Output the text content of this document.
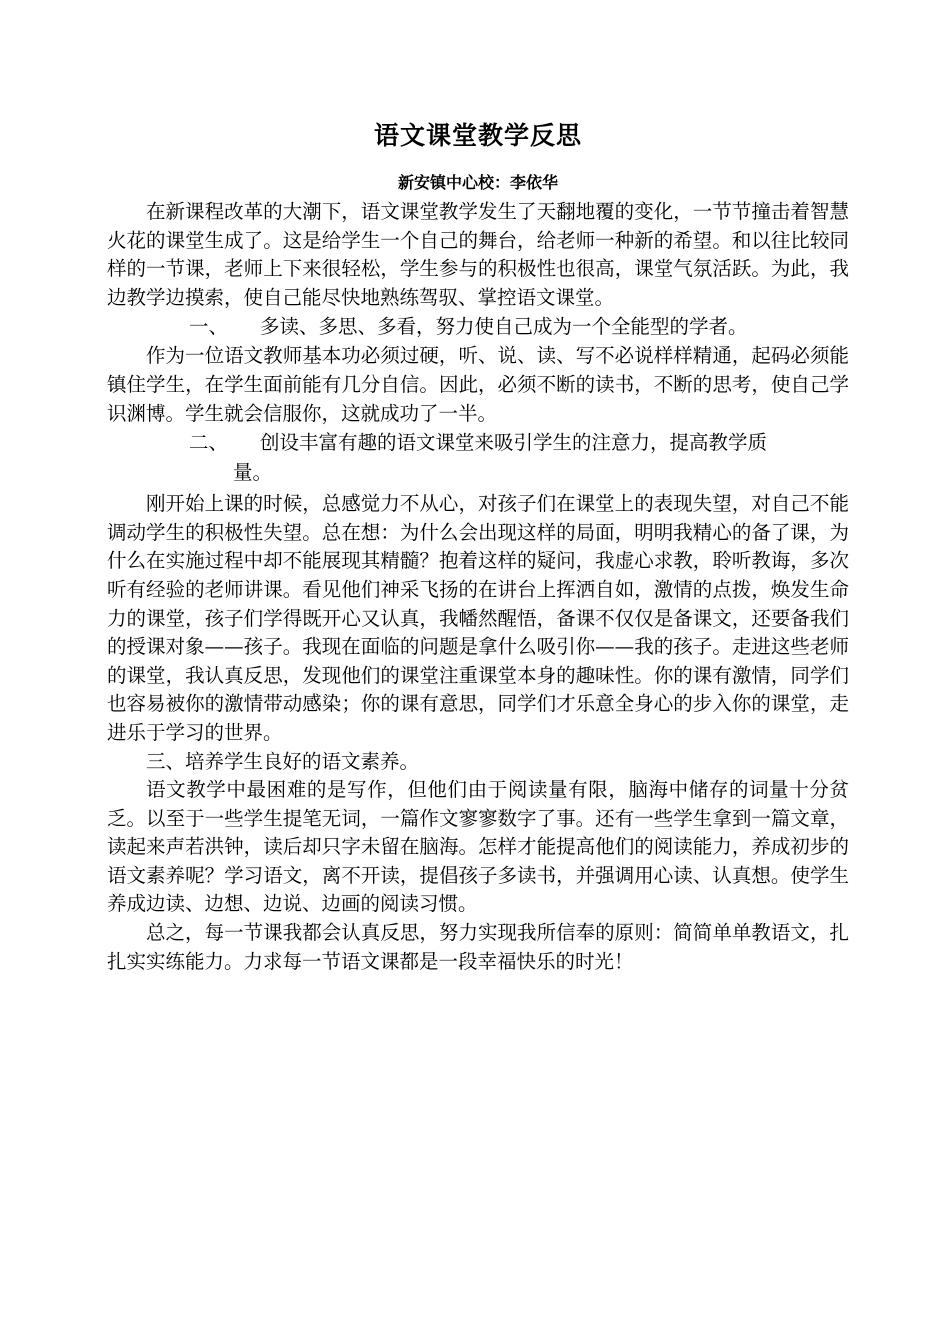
语文课堂教学反思
新安镇中心校：李依华

在新课程改革的大潮下，语文课堂教学发生了天翻地覆的变化，一节节撞击着智慧火花的课堂生成了。这是给学生一个自己的舞台，给老师一种新的希望。和以往比较同样的一节课，老师上下来很轻松，学生参与的积极性也很高，课堂气氛活跃。为此，我边教学边摸索，使自己能尽快地熟练驾驭、掌控语文课堂。

一、 多读、多思、多看，努力使自己成为一个全能型的学者。

作为一位语文教师基本功必须过硬，听、说、读、写不必说样样精通，起码必须能镇住学生，在学生面前能有几分自信。因此，必须不断的读书，不断的思考，使自己学识渊博。学生就会信服你，这就成功了一半。

二、 创设丰富有趣的语文课堂来吸引学生的注意力，提高教学质
量。

刚开始上课的时候，总感觉力不从心，对孩子们在课堂上的表现失望，对自己不能调动学生的积极性失望。总在想：为什么会出现这样的局面，明明我精心的备了课，为什么在实施过程中却不能展现其精髓？抱着这样的疑问，我虚心求教，聆听教诲，多次听有经验的老师讲课。看见他们神采飞扬的在讲台上挥洒自如，激情的点拨，焕发生命力的课堂，孩子们学得既开心又认真，我幡然醒悟，备课不仅仅是备课文，还要备我们的授课对象——孩子。我现在面临的问题是拿什么吸引你——我的孩子。走进这些老师的课堂，我认真反思，发现他们的课堂注重课堂本身的趣味性。你的课有激情，同学们也容易被你的激情带动感染；你的课有意思，同学们才乐意全身心的步入你的课堂，走进乐于学习的世界。

三、培养学生良好的语文素养。

语文教学中最困难的是写作，但他们由于阅读量有限，脑海中储存的词量十分贫乏。以至于一些学生提笔无词，一篇作文寥寥数字了事。还有一些学生拿到一篇文章，读起来声若洪钟，读后却只字未留在脑海。怎样才能提高他们的阅读能力，养成初步的语文素养呢？学习语文，离不开读，提倡孩子多读书，并强调用心读、认真想。使学生养成边读、边想、边说、边画的阅读习惯。

总之，每一节课我都会认真反思，努力实现我所信奉的原则：简简单单教语文，扎扎实实练能力。力求每一节语文课都是一段幸福快乐的时光！
